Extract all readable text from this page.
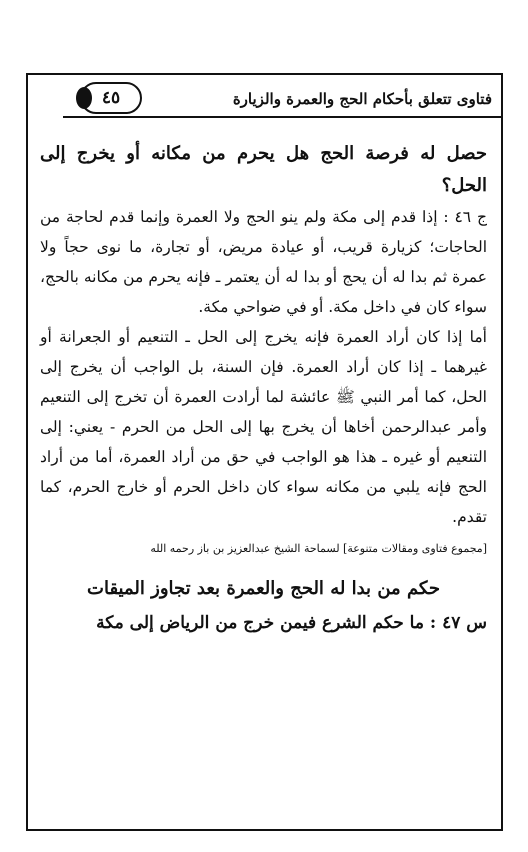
فتاوى تتعلق بأحكام الحج والعمرة والزيارة
٤٥

حصل له فرصة الحج هل يحرم من مكانه أو يخرج إلى الحل؟

ج ٤٦ : إذا قدم إلى مكة ولم ينو الحج ولا العمرة وإنما قدم لحاجة من الحاجات؛ كزيارة قريب، أو عيادة مريض، أو تجارة، ما نوى حجاً ولا عمرة ثم بدا له أن يحج أو بدا له أن يعتمر ـ فإنه يحرم من مكانه بالحج، سواء كان في داخل مكة. أو في ضواحي مكة.

أما إذا كان أراد العمرة فإنه يخرج إلى الحل ـ التنعيم أو الجعرانة أو غيرهما ـ إذا كان أراد العمرة. فإن السنة، بل الواجب أن يخرج إلى الحل، كما أمر النبي ﷺ عائشة لما أرادت العمرة أن تخرج إلى التنعيم وأمر عبدالرحمن أخاها أن يخرج بها إلى الحل من الحرم - يعني: إلى التنعيم أو غيره ـ هذا هو الواجب في حق من أراد العمرة، أما من أراد الحج فإنه يلبي من مكانه سواء كان داخل الحرم أو خارج الحرم، كما تقدم.

[مجموع فتاوى ومقالات متنوعة] لسماحة الشيخ عبدالعزيز بن باز رحمه الله

حكم من بدا له الحج والعمرة بعد تجاوز الميقات

س ٤٧ : ما حكم الشرع فيمن خرج من الرياض إلى مكة
